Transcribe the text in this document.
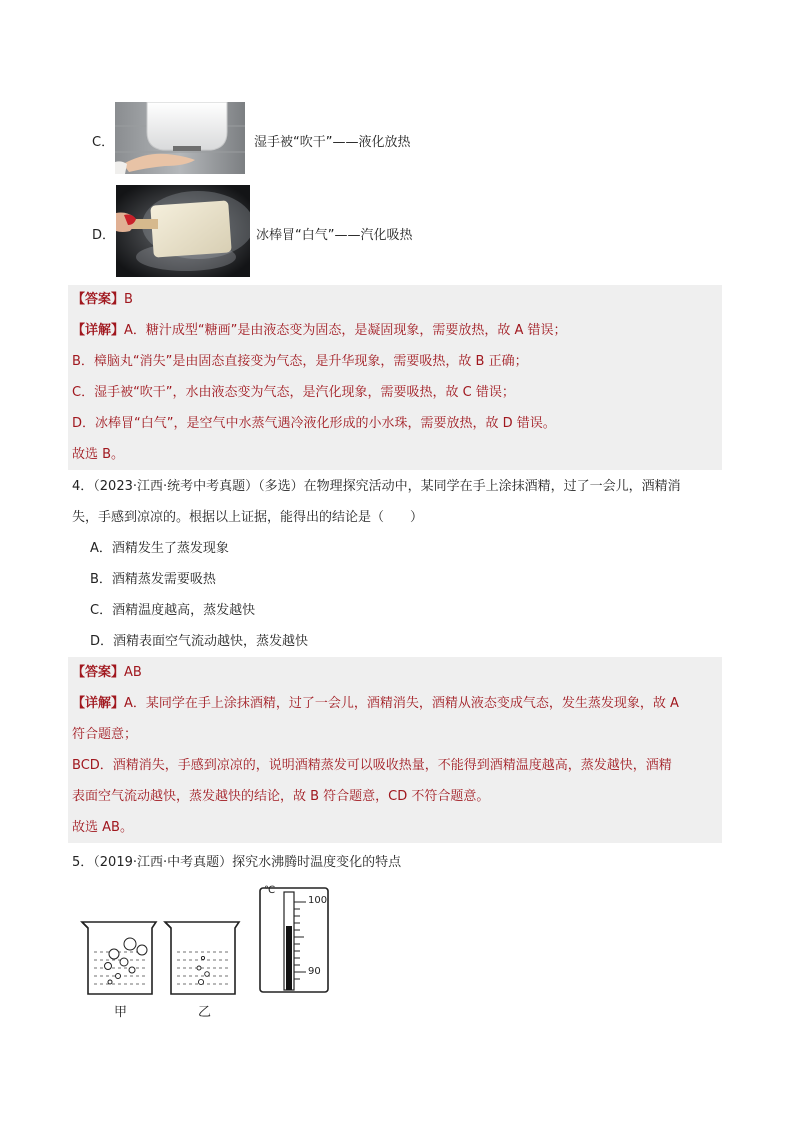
C．	湿手被“吹干”——液化放热
D．	冰棒冒“白气”——汽化吸热
【答案】B
【详解】A．糖汁成型“糖画”是由液态变为固态，是凝固现象，需要放热，故 A 错误；
B．樟脑丸“消失”是由固态直接变为气态，是升华现象，需要吸热，故 B 正确；
C．湿手被“吹干”，水由液态变为气态，是汽化现象，需要吸热，故 C 错误；
D．冰棒冒“白气”，是空气中水蒸气遇冷液化形成的小水珠，需要放热，故 D 错误。
故选 B。
4．（2023·江西·统考中考真题）（多选）在物理探究活动中，某同学在手上涂抹酒精，过了一会儿，酒精消
失，手感到凉凉的。根据以上证据，能得出的结论是（　　）
A．酒精发生了蒸发现象
B．酒精蒸发需要吸热
C．酒精温度越高，蒸发越快
D．酒精表面空气流动越快，蒸发越快
【答案】AB
【详解】A．某同学在手上涂抹酒精，过了一会儿，酒精消失，酒精从液态变成气态，发生蒸发现象，故 A
符合题意；
BCD．酒精消失，手感到凉凉的，说明酒精蒸发可以吸收热量，不能得到酒精温度越高，蒸发越快，酒精
表面空气流动越快，蒸发越快的结论，故 B 符合题意，CD 不符合题意。
故选 AB。
5．（2019·江西·中考真题）探究水沸腾时温度变化的特点
甲	乙
℃
100
90
